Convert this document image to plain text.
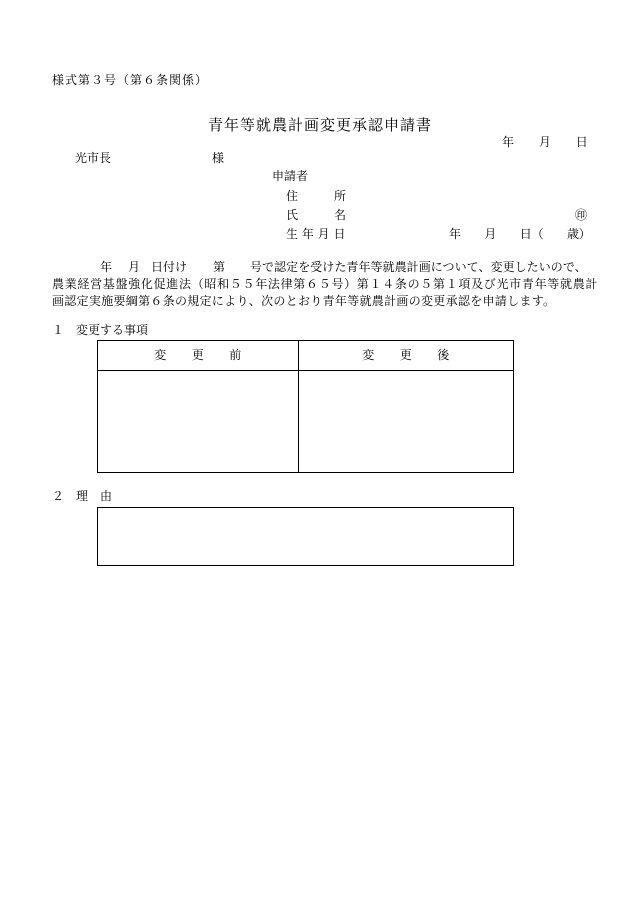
様式第３号（第６条関係）
青年等就農計画変更承認申請書
年　　月　　日
光市長	様
申請者
住　　　所
氏　　　名	㊞
生 年 月 日	年　　月　　日（　　歳）
年 月 日付け 第 号で認定を受けた青年等就農計画について、変更したいので、
農業経営基盤強化促進法（昭和５５年法律第６５号）第１４条の５第１項及び光市青年等就農計
画認定実施要綱第６条の規定により、次のとおり青年等就農計画の変更承認を申請します。
１　変更する事項
変　　更　　前	変　　更　　後
２　理　由
